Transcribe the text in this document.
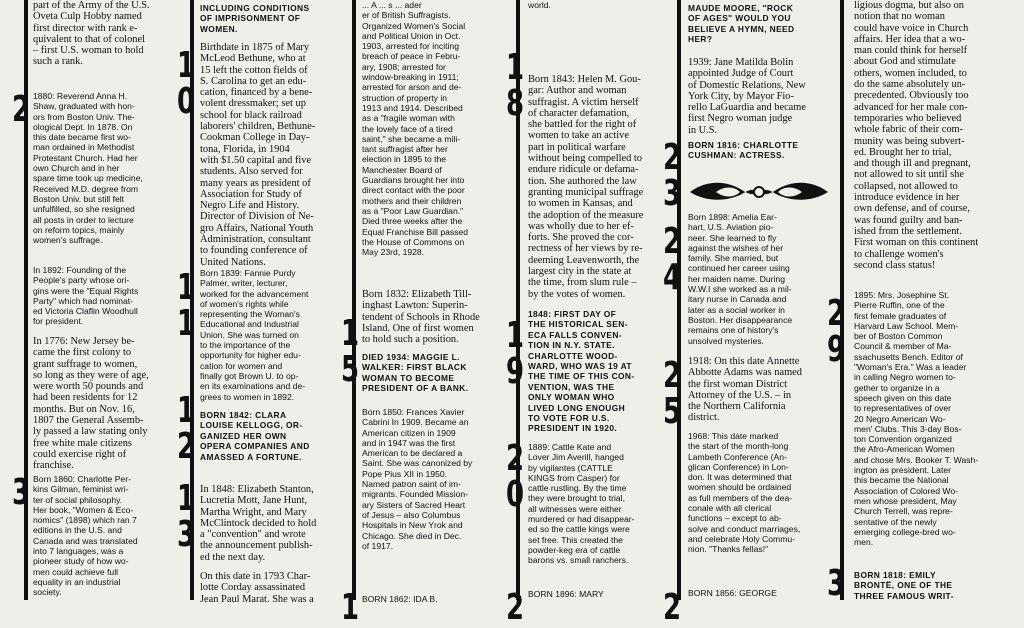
2
3
part of the Army of the U.S.
Oveta Culp Hobby named
first director with rank e-
quivalent to that of colonel
– first U.S. woman to hold
such a rank.
1880: Reverend Anna H.
Shaw, graduated with hon-
ors from Boston Univ. The-
ological Dept. In 1878. On
this date became first wo-
man ordained in Methodist
Protestant Church. Had her
own Church and in her
spare time took up medicine,
Received M.D. degree from
Boston Univ. but still felt
unfulfilled, so she resigned
all posts in order to lecture
on reform topics, mainly
women's suffrage.
In 1892: Founding of the
People's party whose ori-
gins were the "Equal Rights
Party" which had nominat-
ed Victoria Claflin Woodhull
for president.
In 1776: New Jersey be-
came the first colony to
grant suffrage to women,
so long as they were of age,
were worth 50 pounds and
had been residents for 12
months. But on Nov. 16,
1807 the General Assemb-
ly passed a law stating only
free white male citizens
could exercise right of
franchise.
Born 1860: Charlotte Per-
kins Gilman, feminist wri-
ter of social philosophy.
Her book, "Women & Eco-
nomics" (1898) which ran 7
editions in the U.S. and
Canada and was translated
into 7 languages, was a
pioneer study of how wo-
men could achieve full
equality in an industrial
society.
1
0
1
1
1
2
1
3
INCLUDING CONDITIONS
OF IMPRISONMENT OF
WOMEN.
Birthdate in 1875 of Mary
McLeod Bethune, who at
15 left the cotton fields of
S. Carolina to get an edu-
cation, financed by a bene-
volent dressmaker; set up
school for black railroad
laborers' children, Bethune-
Cookman College in Day-
tona, Florida, in 1904
with $1.50 capital and five
students. Also served for
many years as president of
Association for Study of
Negro Life and History.
Director of Division of Ne-
gro Affairs, National Youth
Administration, consultant
to founding conference of
United Nations.
Born 1839: Fannie Purdy
Palmer, writer, lecturer,
worked for the advancement
of women's rights while
representing the Woman's
Educational and Industrial
Union. She was turned on
to the importance of the
opportunity for higher edu-
cation for women and
finally got Brown U. to op-
en its examinations and de-
grees to women in 1892.
BORN 1842: CLARA
LOUISE KELLOGG, OR-
GANIZED HER OWN
OPERA COMPANIES AND
AMASSED A FORTUNE.
In 1848: Elizabeth Stanton,
Lucretia Mott, Jane Hunt,
Martha Wright, and Mary
McClintock decided to hold
a "convention" and wrote
the announcement publish-
ed the next day.
On this date in 1793 Char-
lotte Corday assassinated
Jean Paul Marat. She was a
1
5
1
... A ... s ... ader
er of British Suffragists.
Organized Women's Social
and Political Union in Oct.
1903, arrested for inciting
breach of peace in Febru-
ary, 1908; arrested for
window-breaking in 1911;
arrested for arson and de-
struction of property in
1913 and 1914. Described
as a "fragile woman with
the lovely face of a tired
saint," she became a mili-
tant suffragist after her
election in 1895 to the
Manchester Board of
Guardians brought her into
direct contact with the poor
mothers and their children
as a "Poor Law Guardian."
Died three weeks after the
Equal Franchise Bill passed
the House of Commons on
May 23rd, 1928.
Born 1832: Elizabeth Till-
inghast Lawton: Superin-
tendent of Schools in Rhode
Island. One of first women
to hold such a position.
DIED 1934: MAGGIE L.
WALKER: FIRST BLACK
WOMAN TO BECOME
PRESIDENT OF A BANK.
Born 1850: Frances Xavier
Cabrini In 1909. Became an
American citizen in 1909
and in 1947 was the first
American to be declared a
Saint. She was canonized by
Pope Pius XII in 1950.
Named patron saint of im-
migrants. Founded Mission-
ary Sisters of Sacred Heart
of Jesus – also Columbus
Hospitals in New Yrok and
Chicago. She died in Dec.
of 1917.
BORN 1862: IDA B.
1
8
1
9
2
0
2
world.
Born 1843: Helen M. Gou-
gar: Author and woman
suffragist. A victim herself
of character defamation,
she battled for the right of
women to take an active
part in political warfare
without being compelled to
endure ridicule or defama-
tion. She authored the law
granting municipal suffrage
to women in Kansas, and
the adoption of the measure
was wholly due to her ef-
forts. She proved the cor-
rectness of her views by re-
deeming Leavenworth, the
largest city in the state at
the time, from slum rule –
by the votes of women.
1848: FIRST DAY OF
THE HISTORICAL SEN-
ECA FALLS CONVEN-
TION IN N.Y. STATE.
CHARLOTTE WOOD-
WARD, WHO WAS 19 AT
THE TIME OF THIS CON-
VENTION, WAS THE
ONLY WOMAN WHO
LIVED LONG ENOUGH
TO VOTE FOR U.S.
PRESIDENT IN 1920.
1889: Cattle Kate and
Lover Jim Averill, hanged
by vigilantes (CATTLE
KINGS from Casper) for
cattle rustling. By the time
they were brought to trial,
all witnesses were either
murdered or had disappear-
ed so the cattle kings were
set free. This created the
powder-keg era of cattle
barons vs. small ranchers.
BORN 1896: MARY
2
3
2
4
2
5
2
MAUDE MOORE, "ROCK
OF AGES" WOULD YOU
BELIEVE A HYMN, NEED
HER?
1939: Jane Matilda Bolin
appointed Judge of Court
of Domestic Relations, New
York City, by Mayor Fio-
rello LaGuardia and became
first Negro woman judge
in U.S.
BORN 1816: CHARLOTTE
CUSHMAN: ACTRESS.
Born 1898: Amelia Ear-
hart, U.S. Aviation pio-
neer. She learned to fly
against the wishes of her
family. She married, but
continued her career using
her maiden name. During
W.W.I she worked as a mil-
itary nurse in Canada and
later as a social worker in
Boston. Her disappearance
remains one of history's
unsolved mysteries.
1918: On this date Annette
Abbotte Adams was named
the first woman District
Attorney of the U.S. – in
the Northern California
district.
1968: This date marked
the start of the month-long
Lambeth Conference (An-
glican Conference) in Lon-
don. It was determined that
women should be ordained
as full members of the dea-
conale with all clerical
functions – except to ab-
solve and conduct marriages,
and celebrate Holy Commu-
nion. "Thanks fellas!"
BORN 1856: GEORGE
2
9
3
ligious dogma, but also on
notion that no woman
could have voice in Church
affairs. Her idea that a wo-
man could think for herself
about God and stimulate
others, women included, to
do the same absolutely un-
precedented. Obviously too
advanced for her male con-
temporaries who believed
whole fabric of their com-
munity was being subvert-
ed. Brought her to trial,
and though ill and pregnant,
not allowed to sit until she
collapsed, not allowed to
introduce evidence in her
own defense, and of course,
was found guilty and ban-
ished from the settlement.
First woman on this continent
to challenge women's
second class status!
1895: Mrs. Josephine St.
Pierre Ruffin, one of the
first female graduates of
Harvard Law School. Mem-
ber of Boston Common
Council & member of Ma-
ssachusetts Bench. Editor of
"Woman's Era." Was a leader
in calling Negro women to-
gether to organize in a
speech given on this date
to representatives of over
20 Negro American Wo-
men' Clubs. This 3-day Bos-
ton Convention organized
the Afro-American Women
and chose Mrs. Booker T. Wash-
ington as president. Later
this became the National
Association of Colored Wo-
men whose president, May
Church Terrell, was repre-
sentative of the newly
emerging college-bred wo-
men.
BORN 1818: EMILY
BRONTË, ONE OF THE
THREE FAMOUS WRIT-
